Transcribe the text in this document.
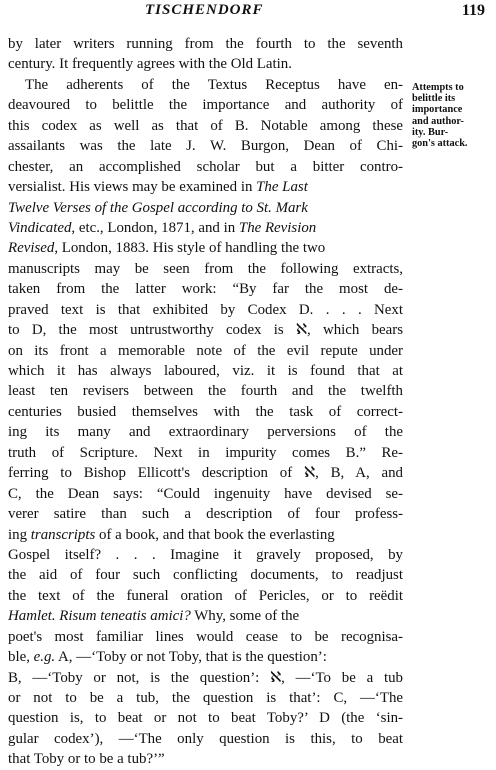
TISCHENDORF	119
by later writers running from the fourth to the seventh
century. It frequently agrees with the Old Latin.
The adherents of the Textus Receptus have en-
deavoured to belittle the importance and authority of
this codex as well as that of B. Notable among these
assailants was the late J. W. Burgon, Dean of Chi-
chester, an accomplished scholar but a bitter contro-
versialist. His views may be examined in The Last
Twelve Verses of the Gospel according to St. Mark
Vindicated, etc., London, 1871, and in The Revision
Revised, London, 1883. His style of handling the two
manuscripts may be seen from the following extracts,
taken from the latter work: “By far the most de-
praved text is that exhibited by Codex D. . . . Next
to D, the most untrustworthy codex is ℵ, which bears
on its front a memorable note of the evil repute under
which it has always laboured, viz. it is found that at
least ten revisers between the fourth and the twelfth
centuries busied themselves with the task of correct-
ing its many and extraordinary perversions of the
truth of Scripture. Next in impurity comes B.” Re-
ferring to Bishop Ellicott's description of ℵ, B, A, and
C, the Dean says: “Could ingenuity have devised se-
verer satire than such a description of four profess-
ing transcripts of a book, and that book the everlasting
Gospel itself? . . . Imagine it gravely proposed, by
the aid of four such conflicting documents, to readjust
the text of the funeral oration of Pericles, or to reëdit
Hamlet. Risum teneatis amici? Why, some of the
poet's most familiar lines would cease to be recognisa-
ble, e.g. A, —‘Toby or not Toby, that is the question’:
B, —‘Toby or not, is the question’: ℵ, —‘To be a tub
or not to be a tub, the question is that’: C, —‘The
question is, to beat or not to beat Toby?’ D (the ‘sin-
gular codex’), —‘The only question is this, to beat
that Toby or to be a tub?’”
Attempts to
belittle its
importance
and author-
ity. Bur-
gon's attack.
